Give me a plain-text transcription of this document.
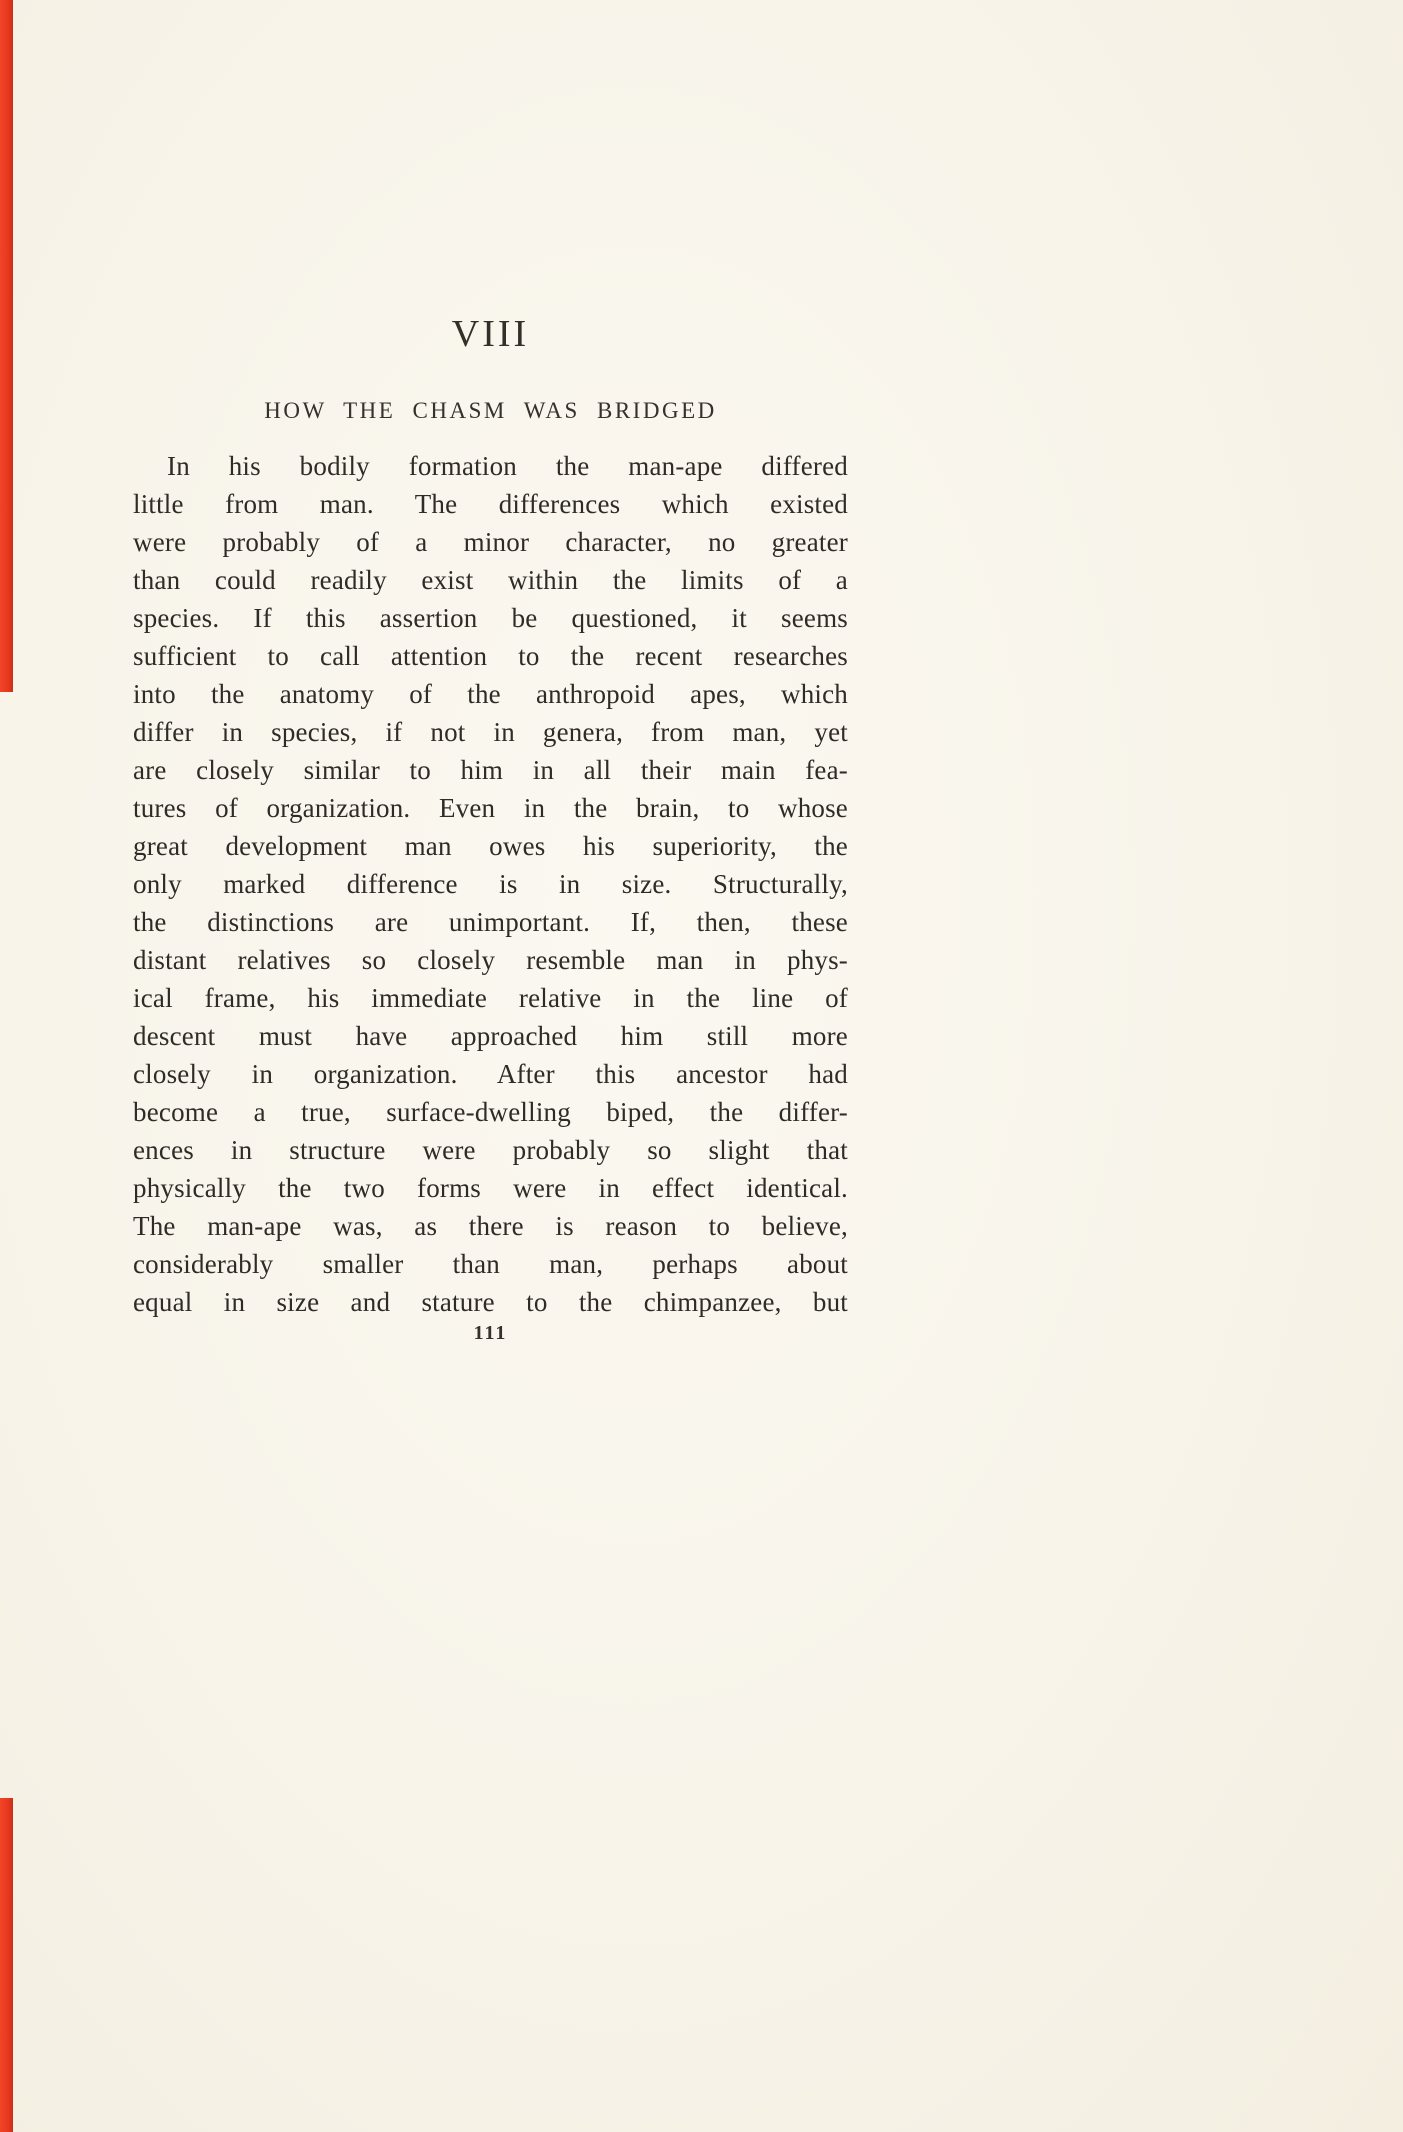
VIII
HOW THE CHASM WAS BRIDGED
In his bodily formation the man-ape differed
little from man. The differences which existed
were probably of a minor character, no greater
than could readily exist within the limits of a
species. If this assertion be questioned, it seems
sufficient to call attention to the recent researches
into the anatomy of the anthropoid apes, which
differ in species, if not in genera, from man, yet
are closely similar to him in all their main fea-
tures of organization. Even in the brain, to whose
great development man owes his superiority, the
only marked difference is in size. Structurally,
the distinctions are unimportant. If, then, these
distant relatives so closely resemble man in phys-
ical frame, his immediate relative in the line of
descent must have approached him still more
closely in organization. After this ancestor had
become a true, surface-dwelling biped, the differ-
ences in structure were probably so slight that
physically the two forms were in effect identical.
The man-ape was, as there is reason to believe,
considerably smaller than man, perhaps about
equal in size and stature to the chimpanzee, but
111
